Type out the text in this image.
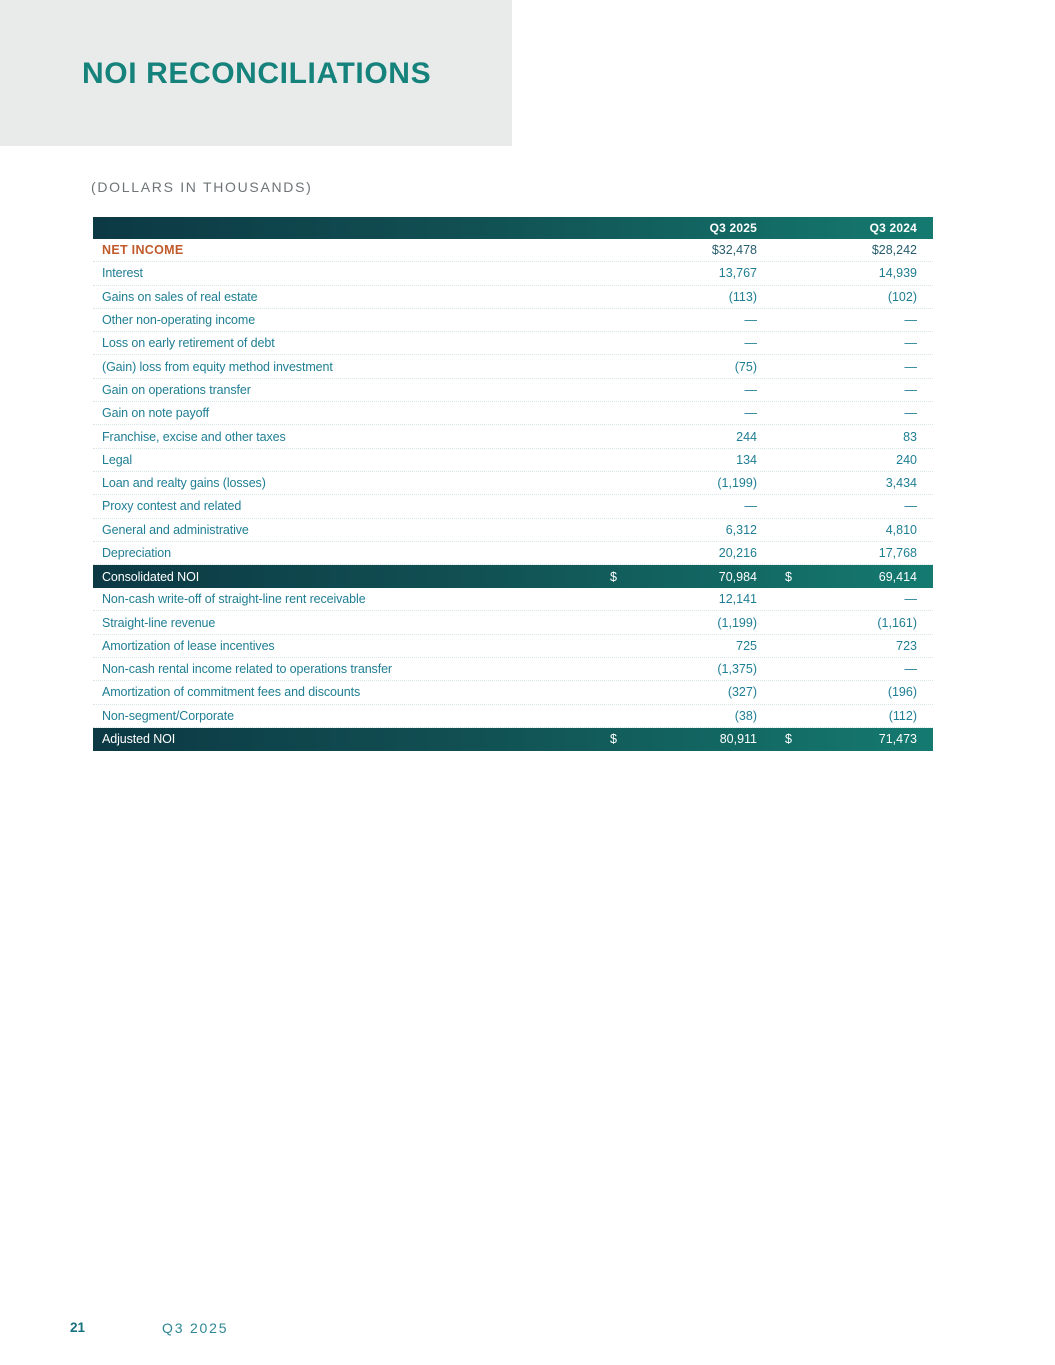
NOI RECONCILIATIONS
(DOLLARS IN THOUSANDS)
Q3 2025	Q3 2024
NET INCOME	$32,478	$28,242
Interest	13,767	14,939
Gains on sales of real estate	(113)	(102)
Other non-operating income	—	—
Loss on early retirement of debt	—	—
(Gain) loss from equity method investment	(75)	—
Gain on operations transfer	—	—
Gain on note payoff	—	—
Franchise, excise and other taxes	244	83
Legal	134	240
Loan and realty gains (losses)	(1,199)	3,434
Proxy contest and related	—	—
General and administrative	6,312	4,810
Depreciation	20,216	17,768
Consolidated NOI	$	70,984 $	69,414
Non-cash write-off of straight-line rent receivable	12,141	—
Straight-line revenue	(1,199)	(1,161)
Amortization of lease incentives	725	723
Non-cash rental income related to operations transfer	(1,375)	—
Amortization of commitment fees and discounts	(327)	(196)
Non-segment/Corporate	(38)	(112)
Adjusted NOI	$	80,911 $	71,473
21	Q3 2025
